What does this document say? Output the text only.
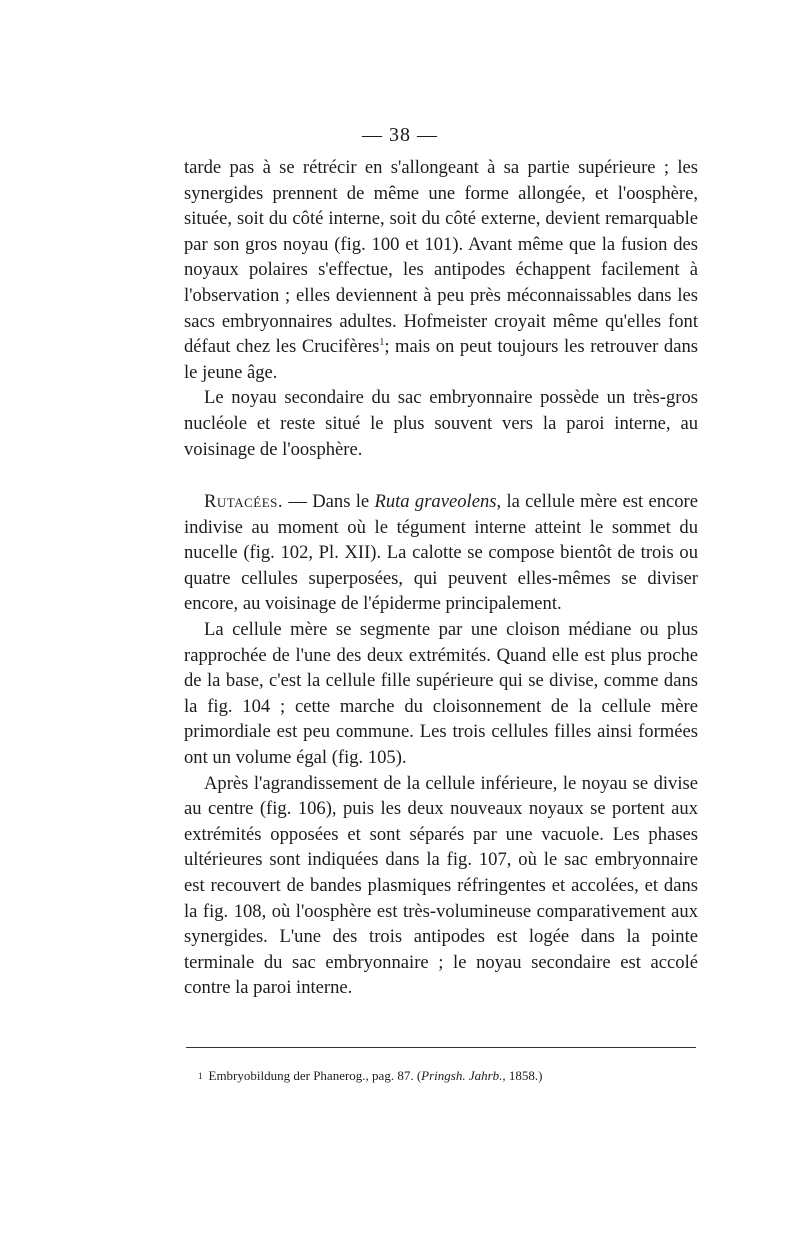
— 38 —

tarde pas à se rétrécir en s'allongeant à sa partie supérieure ; les synergides prennent de même une forme allongée, et l'oosphère, située, soit du côté interne, soit du côté externe, devient remarquable par son gros noyau (fig. 100 et 101). Avant même que la fusion des noyaux polaires s'effectue, les antipodes échappent facilement à l'observation ; elles deviennent à peu près méconnaissables dans les sacs embryonnaires adultes. Hofmeister croyait même qu'elles font défaut chez les Crucifères$^1$; mais on peut toujours les retrouver dans le jeune âge.

Le noyau secondaire du sac embryonnaire possède un très-gros nucléole et reste situé le plus souvent vers la paroi interne, au voisinage de l'oosphère.

Rutacées. — Dans le Ruta graveolens, la cellule mère est encore indivise au moment où le tégument interne atteint le sommet du nucelle (fig. 102, Pl. XII). La calotte se compose bientôt de trois ou quatre cellules superposées, qui peuvent elles-mêmes se diviser encore, au voisinage de l'épiderme principalement.

La cellule mère se segmente par une cloison médiane ou plus rapprochée de l'une des deux extrémités. Quand elle est plus proche de la base, c'est la cellule fille supérieure qui se divise, comme dans la fig. 104 ; cette marche du cloisonnement de la cellule mère primordiale est peu commune. Les trois cellules filles ainsi formées ont un volume égal (fig. 105).

Après l'agrandissement de la cellule inférieure, le noyau se divise au centre (fig. 106), puis les deux nouveaux noyaux se portent aux extrémités opposées et sont séparés par une vacuole. Les phases ultérieures sont indiquées dans la fig. 107, où le sac embryonnaire est recouvert de bandes plasmiques réfringentes et accolées, et dans la fig. 108, où l'oosphère est très-volumineuse comparativement aux synergides. L'une des trois antipodes est logée dans la pointe terminale du sac embryonnaire ; le noyau secondaire est accolé contre la paroi interne.

$^1$ Embryobildung der Phanerog., pag. 87. (Pringsh. Jahrb., 1858.)
